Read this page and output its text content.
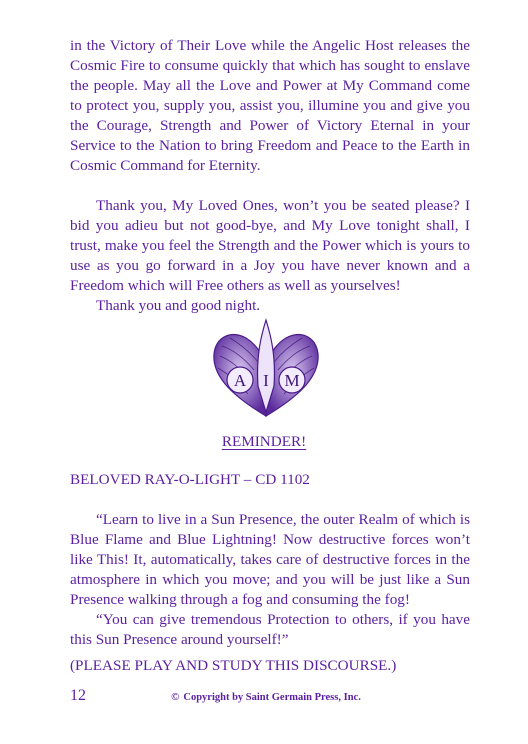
in the Victory of Their Love while the Angelic Host releases the Cosmic Fire to consume quickly that which has sought to enslave the people. May all the Love and Power at My Command come to protect you, supply you, assist you, illumine you and give you the Courage, Strength and Power of Victory Eternal in your Service to the Nation to bring Freedom and Peace to the Earth in Cosmic Command for Eternity.

Thank you, My Loved Ones, won’t you be seated please? I bid you adieu but not good-bye, and My Love tonight shall, I trust, make you feel the Strength and the Power which is yours to use as you go forward in a Joy you have never known and a Freedom which will Free others as well as yourselves!

Thank you and good night.

A I M
REMINDER!

BELOVED RAY-O-LIGHT – CD 1102

“Learn to live in a Sun Presence, the outer Realm of which is Blue Flame and Blue Lightning! Now destructive forces won’t like This! It, automatically, takes care of destructive forces in the atmosphere in which you move; and you will be just like a Sun Presence walking through a fog and consuming the fog!

“You can give tremendous Protection to others, if you have this Sun Presence around yourself!”

(PLEASE PLAY AND STUDY THIS DISCOURSE.)

12	© Copyright by Saint Germain Press, Inc.
